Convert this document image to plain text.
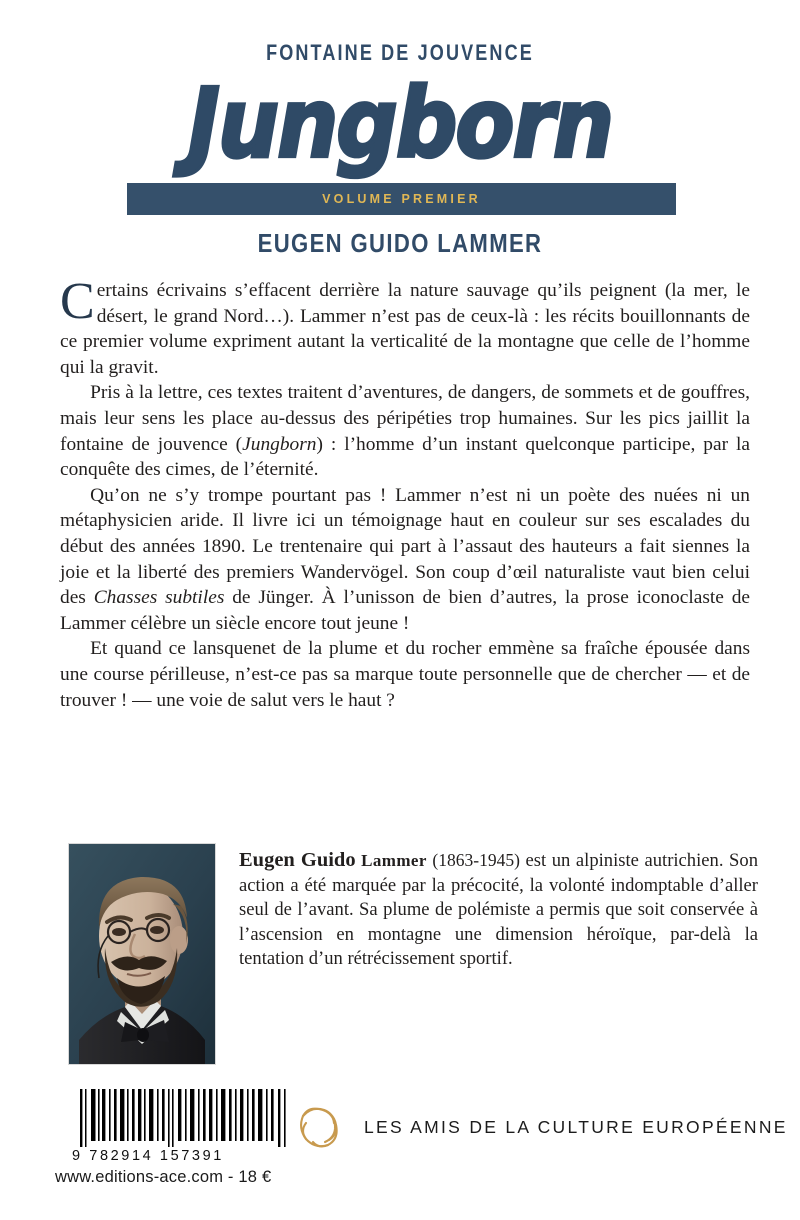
FONTAINE DE JOUVENCE
Jungborn
VOLUME PREMIER
EUGEN GUIDO LAMMER

Certains écrivains s’effacent derrière la nature sauvage qu’ils peignent (la mer, le désert, le grand Nord…). Lammer n’est pas de ceux-là : les récits bouillonnants de ce premier volume expriment autant la verticalité de la montagne que celle de l’homme qui la gravit.

Pris à la lettre, ces textes traitent d’aventures, de dangers, de sommets et de gouffres, mais leur sens les place au-dessus des péripéties trop humaines. Sur les pics jaillit la fontaine de jouvence (Jungborn) : l’homme d’un instant quelconque participe, par la conquête des cimes, de l’éternité.

Qu’on ne s’y trompe pourtant pas ! Lammer n’est ni un poète des nuées ni un métaphysicien aride. Il livre ici un témoignage haut en couleur sur ses escalades du début des années 1890. Le trentenaire qui part à l’assaut des hauteurs a fait siennes la joie et la liberté des premiers Wandervögel. Son coup d’œil naturaliste vaut bien celui des Chasses subtiles de Jünger. À l’unisson de bien d’autres, la prose iconoclaste de Lammer célèbre un siècle encore tout jeune !

Et quand ce lansquenet de la plume et du rocher emmène sa fraîche épousée dans une course périlleuse, n’est-ce pas sa marque toute personnelle que de chercher — et de trouver ! — une voie de salut vers le haut ?

Eugen Guido Lammer (1863-1945) est un alpiniste autrichien. Son action a été marquée par la précocité, la volonté indomptable d’aller seul de l’avant. Sa plume de polémiste a permis que soit conservée à l’ascension en montagne une dimension héroïque, par-delà la tentation d’un rétrécissement sportif.
9 782914 157391
www.editions-ace.com - 18 €
LES AMIS DE LA CULTURE EUROPÉENNE
